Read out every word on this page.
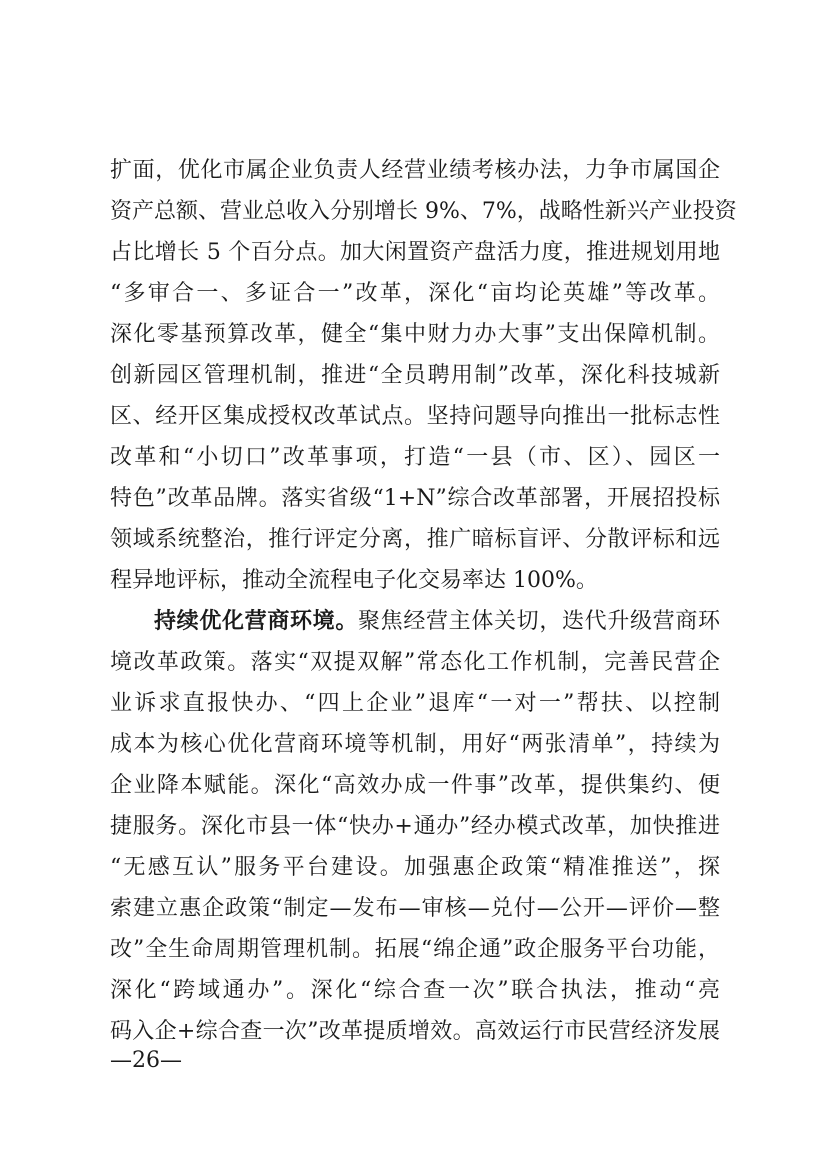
扩面，优化市属企业负责人经营业绩考核办法，力争市属国企
资产总额、营业总收入分别增长 9%、7%，战略性新兴产业投资
占比增长 5 个百分点。加大闲置资产盘活力度，推进规划用地
“多审合一、多证合一”改革，深化“亩均论英雄”等改革。
深化零基预算改革，健全“集中财力办大事”支出保障机制。
创新园区管理机制，推进“全员聘用制”改革，深化科技城新
区、经开区集成授权改革试点。坚持问题导向推出一批标志性
改革和“小切口”改革事项，打造“一县（市、区）、园区一
特色”改革品牌。落实省级“1+N”综合改革部署，开展招投标
领域系统整治，推行评定分离，推广暗标盲评、分散评标和远
程异地评标，推动全流程电子化交易率达 100%。
持续优化营商环境。聚焦经营主体关切，迭代升级营商环
境改革政策。落实“双提双解”常态化工作机制，完善民营企
业诉求直报快办、“四上企业”退库“一对一”帮扶、以控制
成本为核心优化营商环境等机制，用好“两张清单”，持续为
企业降本赋能。深化“高效办成一件事”改革，提供集约、便
捷服务。深化市县一体“快办+通办”经办模式改革，加快推进
“无感互认”服务平台建设。加强惠企政策“精准推送”，探
索建立惠企政策“制定—发布—审核—兑付—公开—评价—整
改”全生命周期管理机制。拓展“绵企通”政企服务平台功能，
深化“跨域通办”。深化“综合查一次”联合执法，推动“亮
码入企+综合查一次”改革提质增效。高效运行市民营经济发展
—26—
